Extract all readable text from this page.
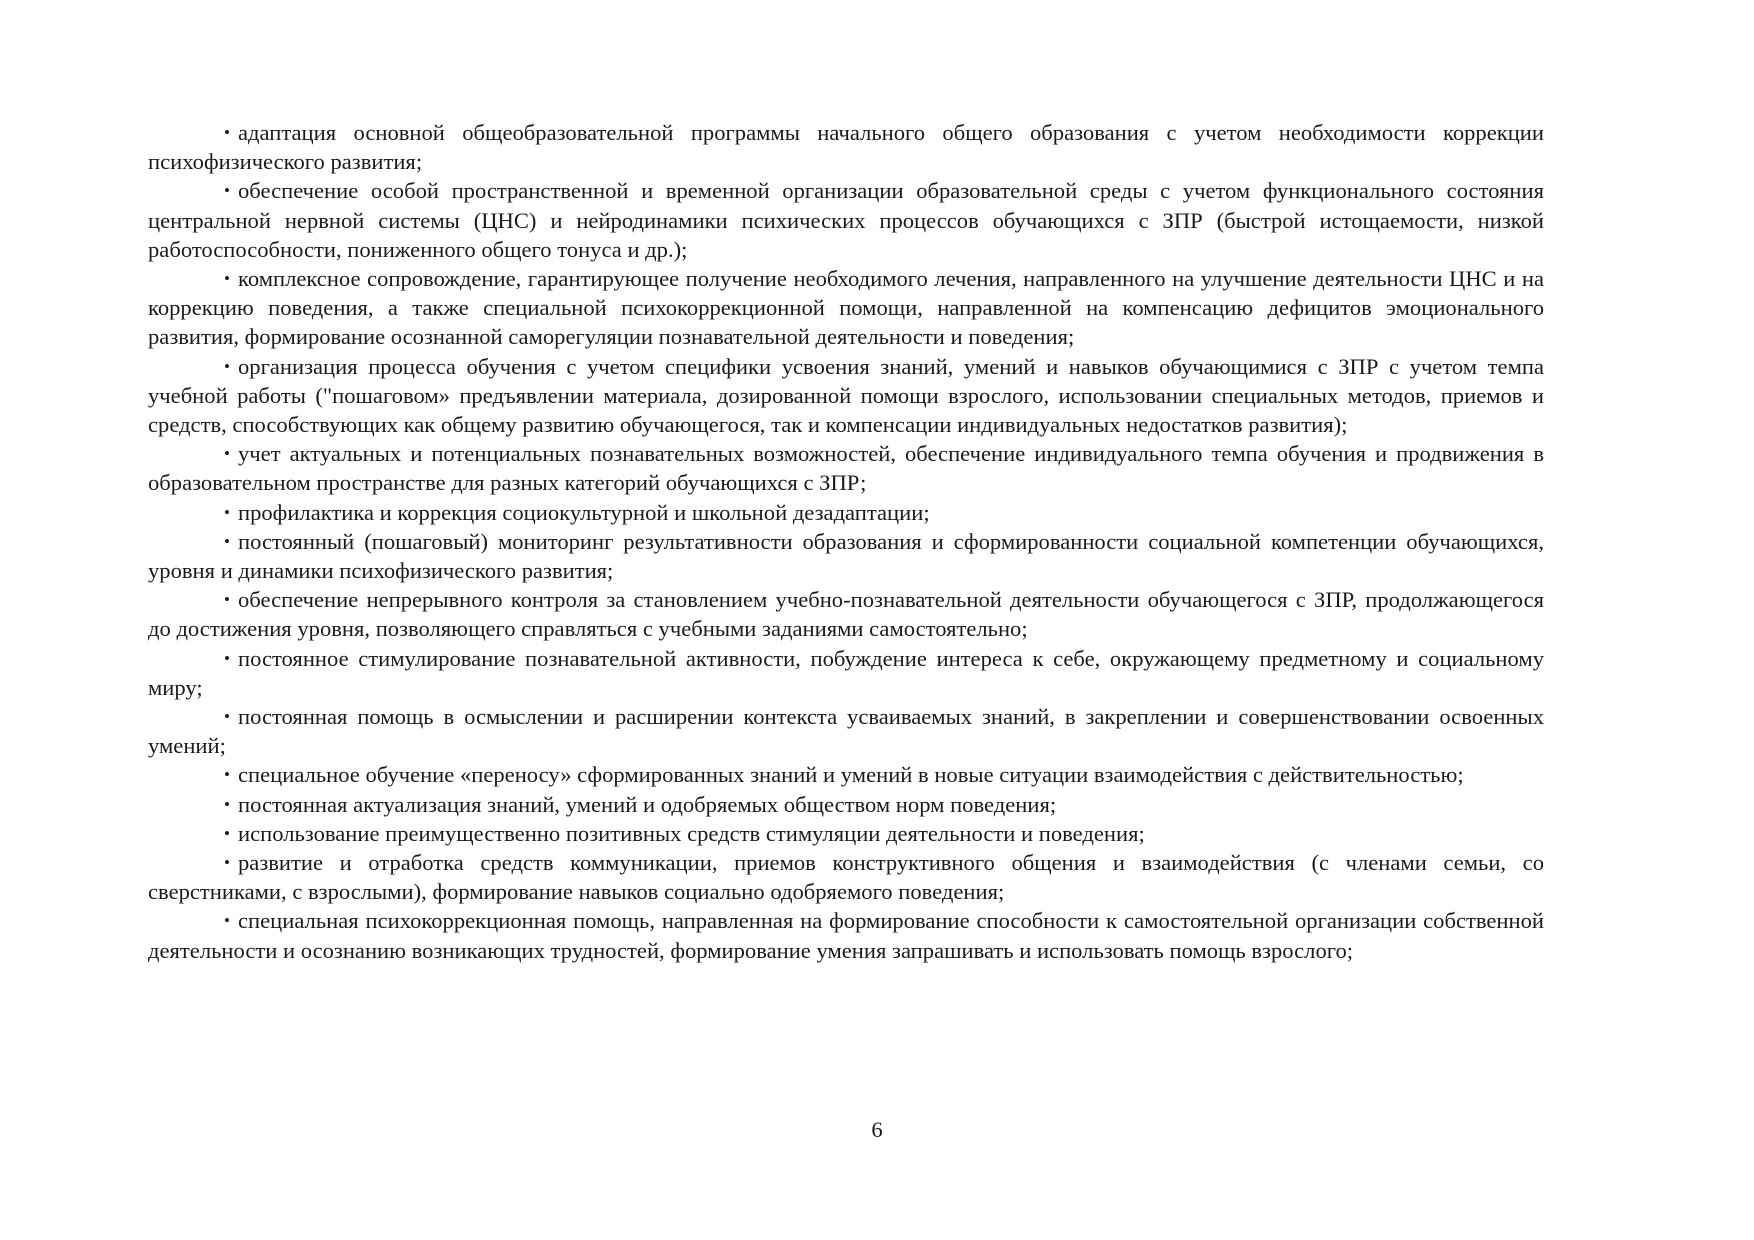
• адаптация основной общеобразовательной программы начального общего образования с учетом необходимости коррекции психофизического развития;

• обеспечение особой пространственной и временной организации образовательной среды с учетом функционального состояния центральной нервной системы (ЦНС) и нейродинамики психических процессов обучающихся с ЗПР (быстрой истощаемости, низкой работоспособности, пониженного общего тонуса и др.);

• комплексное сопровождение, гарантирующее получение необходимого лечения, направленного на улучшение деятельности ЦНС и на коррекцию поведения, а также специальной психокоррекционной помощи, направленной на компенсацию дефицитов эмоционального развития, формирование осознанной саморегуляции познавательной деятельности и поведения;

• организация процесса обучения с учетом специфики усвоения знаний, умений и навыков обучающимися с ЗПР с учетом темпа учебной работы ("пошаговом» предъявлении материала, дозированной помощи взрослого, использовании специальных методов, приемов и средств, способствующих как общему развитию обучающегося, так и компенсации индивидуальных недостатков развития);

• учет актуальных и потенциальных познавательных возможностей, обеспечение индивидуального темпа обучения и продвижения в образовательном пространстве для разных категорий обучающихся с ЗПР;

• профилактика и коррекция социокультурной и школьной дезадаптации;

• постоянный (пошаговый) мониторинг результативности образования и сформированности социальной компетенции обучающихся, уровня и динамики психофизического развития;

• обеспечение непрерывного контроля за становлением учебно-познавательной деятельности обучающегося с ЗПР, продолжающегося до достижения уровня, позволяющего справляться с учебными заданиями самостоятельно;

• постоянное стимулирование познавательной активности, побуждение интереса к себе, окружающему предметному и социальному миру;

• постоянная помощь в осмыслении и расширении контекста усваиваемых знаний, в закреплении и совершенствовании освоенных умений;

• специальное обучение «переносу» сформированных знаний и умений в новые ситуации взаимодействия с действительностью;

• постоянная актуализация знаний, умений и одобряемых обществом норм поведения;

• использование преимущественно позитивных средств стимуляции деятельности и поведения;

• развитие и отработка средств коммуникации, приемов конструктивного общения и взаимодействия (с членами семьи, со сверстниками, с взрослыми), формирование навыков социально одобряемого поведения;

• специальная психокоррекционная помощь, направленная на формирование способности к самостоятельной организации собственной деятельности и осознанию возникающих трудностей, формирование умения запрашивать и использовать помощь взрослого;

6
